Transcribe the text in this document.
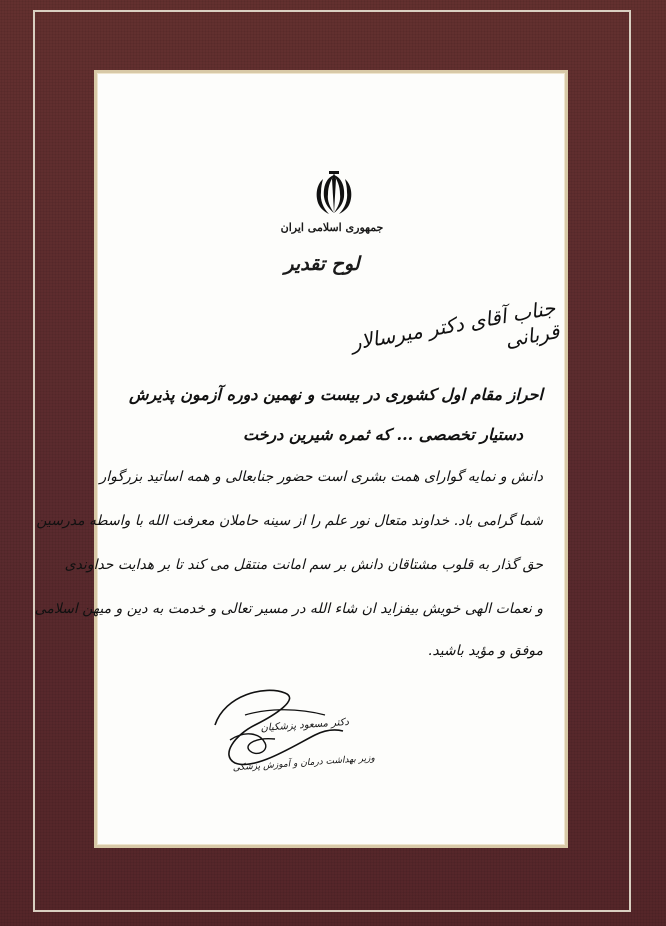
جمهوری اسلامی ایران
لوح تقدیر
جناب آقای دکتر میرسالار قربانی
احراز مقام اول کشوری در بیست و نهمین دوره آزمون پذیرش
دستیار تخصصی ... که ثمره شیرین درخت
دانش و نمایه گوارای همت بشری است حضور جنابعالی و همه اساتید بزرگوار
شما گرامی باد. خداوند متعال نور علم را از سینه حاملان معرفت الله با واسطه مدرسین
حق گذار به قلوب مشتاقان دانش بر سم امانت منتقل می کند تا بر هدایت حداوندی
و نعمات الهی خویش بیفزاید ان شاء الله در مسیر تعالی و خدمت به دین و میهن اسلامی
موفق و مؤید باشید.
دکتر مسعود پزشکیان
وزیر بهداشت درمان و آموزش پزشکی
